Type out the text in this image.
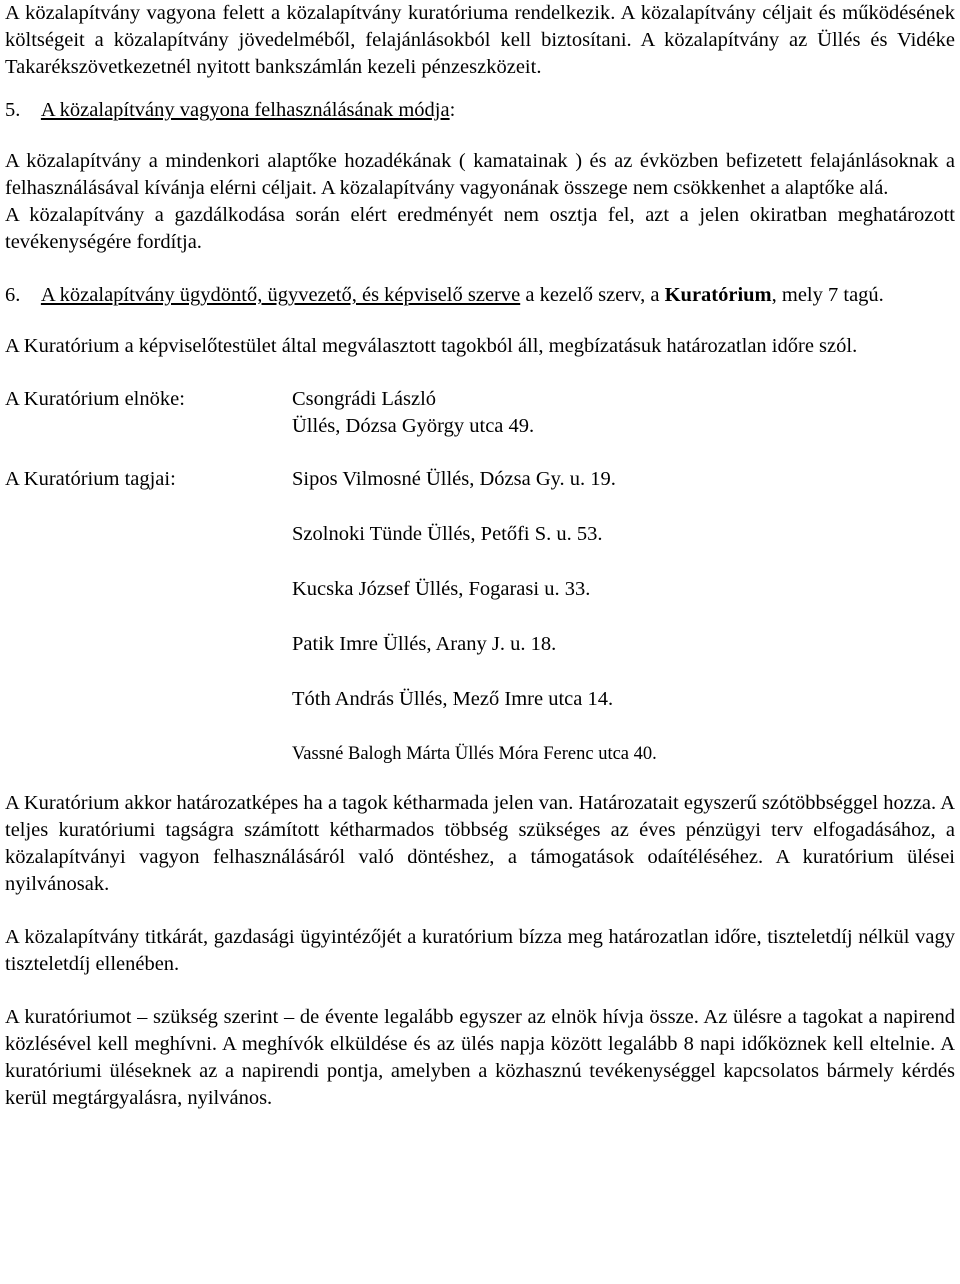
A közalapítvány vagyona felett a közalapítvány kuratóriuma rendelkezik. A közalapítvány céljait és működésének költségeit a közalapítvány jövedelméből, felajánlásokból kell biztosítani. A közalapítvány az Üllés és Vidéke Takarékszövetkezetnél nyitott bankszámlán kezeli pénzeszközeit.

5. A közalapítvány vagyona felhasználásának módja:

A közalapítvány a mindenkori alaptőke hozadékának ( kamatainak ) és az évközben befizetett felajánlásoknak a felhasználásával kívánja elérni céljait. A közalapítvány vagyonának összege nem csökkenhet a alaptőke alá.

A közalapítvány a gazdálkodása során elért eredményét nem osztja fel, azt a jelen okiratban meghatározott tevékenységére fordítja.

6. A közalapítvány ügydöntő, ügyvezető, és képviselő szerve a kezelő szerv, a Kuratórium, mely 7 tagú.

A Kuratórium a képviselőtestület által megválasztott tagokból áll, megbízatásuk határozatlan időre szól.

A Kuratórium elnöke:	Csongrádi László
Üllés, Dózsa György utca 49.
A Kuratórium tagjai:	Sipos Vilmosné Üllés, Dózsa Gy. u. 19.
Szolnoki Tünde Üllés, Petőfi S. u. 53.
Kucska József Üllés, Fogarasi u. 33.
Patik Imre Üllés, Arany J. u. 18.
Tóth András Üllés, Mező Imre utca 14.
Vassné Balogh Márta Üllés Móra Ferenc utca 40.

A Kuratórium akkor határozatképes ha a tagok kétharmada jelen van. Határozatait egyszerű szótöbbséggel hozza. A teljes kuratóriumi tagságra számított kétharmados többség szükséges az éves pénzügyi terv elfogadásához, a közalapítványi vagyon felhasználásáról való döntéshez, a támogatások odaítéléséhez. A kuratórium ülései nyilvánosak.

A közalapítvány titkárát, gazdasági ügyintézőjét a kuratórium bízza meg határozatlan időre, tiszteletdíj nélkül vagy tiszteletdíj ellenében.

A kuratóriumot – szükség szerint – de évente legalább egyszer az elnök hívja össze. Az ülésre a tagokat a napirend közlésével kell meghívni. A meghívók elküldése és az ülés napja között legalább 8 napi időköznek kell eltelnie. A kuratóriumi üléseknek az a napirendi pontja, amelyben a közhasznú tevékenységgel kapcsolatos bármely kérdés kerül megtárgyalásra, nyilvános.
